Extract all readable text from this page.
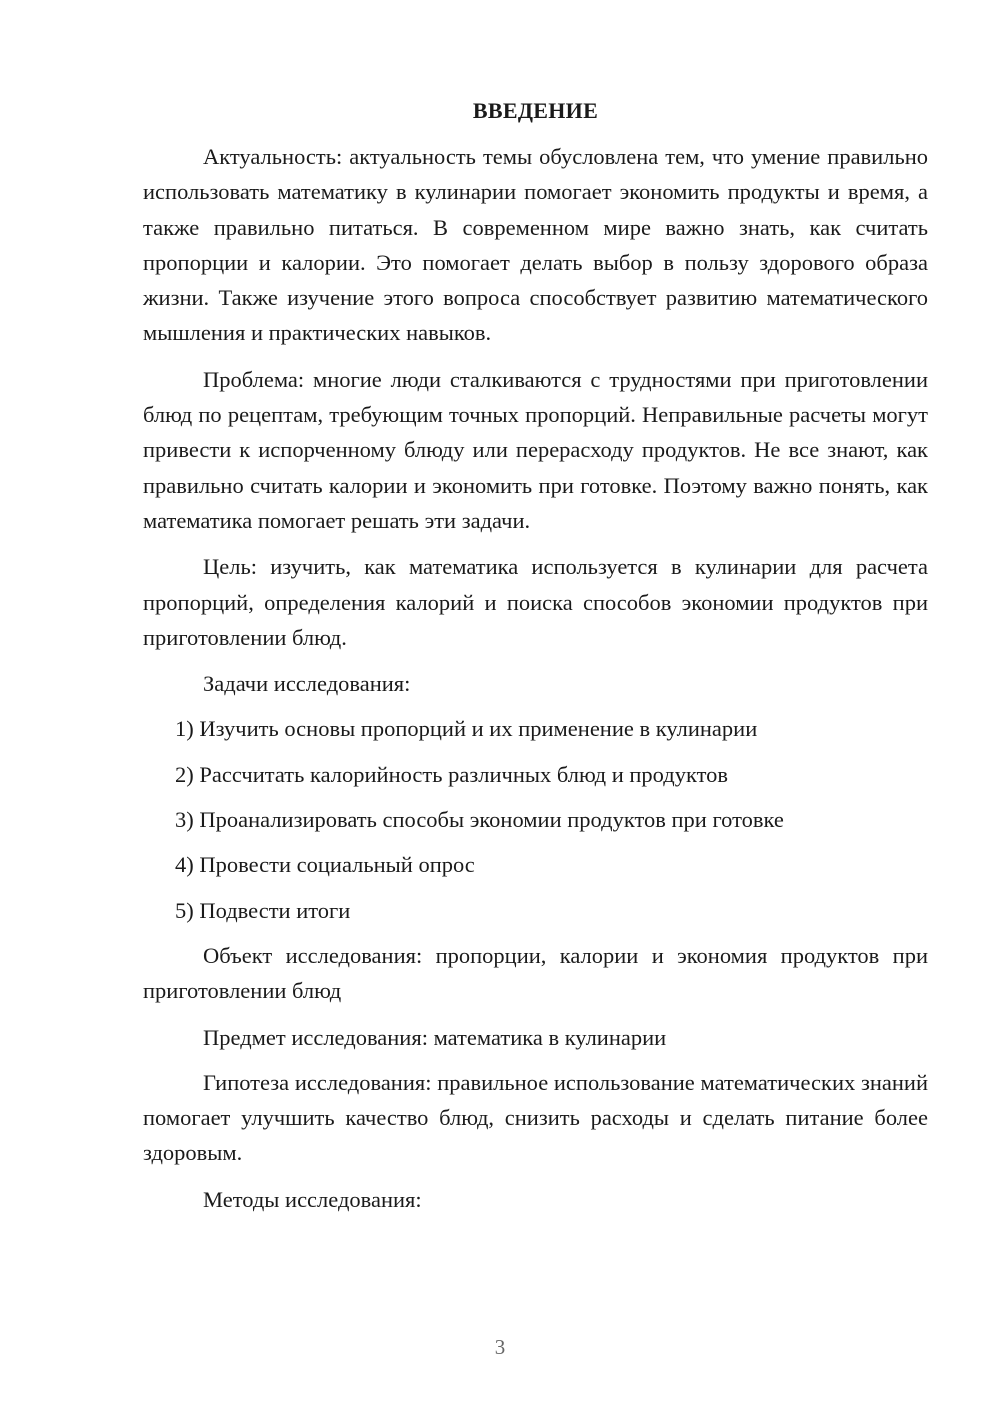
ВВЕДЕНИЕ

Актуальность: актуальность темы обусловлена тем, что умение правильно использовать математику в кулинарии помогает экономить продукты и время, а также правильно питаться. В современном мире важно знать, как считать пропорции и калории. Это помогает делать выбор в пользу здорового образа жизни. Также изучение этого вопроса способствует развитию математического мышления и практических навыков.

Проблема: многие люди сталкиваются с трудностями при приготовлении блюд по рецептам, требующим точных пропорций. Неправильные расчеты могут привести к испорченному блюду или перерасходу продуктов. Не все знают, как правильно считать калории и экономить при готовке. Поэтому важно понять, как математика помогает решать эти задачи.

Цель: изучить, как математика используется в кулинарии для расчета пропорций, определения калорий и поиска способов экономии продуктов при приготовлении блюд.

Задачи исследования:

1) Изучить основы пропорций и их применение в кулинарии
2) Рассчитать калорийность различных блюд и продуктов
3) Проанализировать способы экономии продуктов при готовке
4) Провести социальный опрос
5) Подвести итоги

Объект исследования: пропорции, калории и экономия продуктов при приготовлении блюд

Предмет исследования: математика в кулинарии

Гипотеза исследования: правильное использование математических знаний помогает улучшить качество блюд, снизить расходы и сделать питание более здоровым.

Методы исследования:

3
